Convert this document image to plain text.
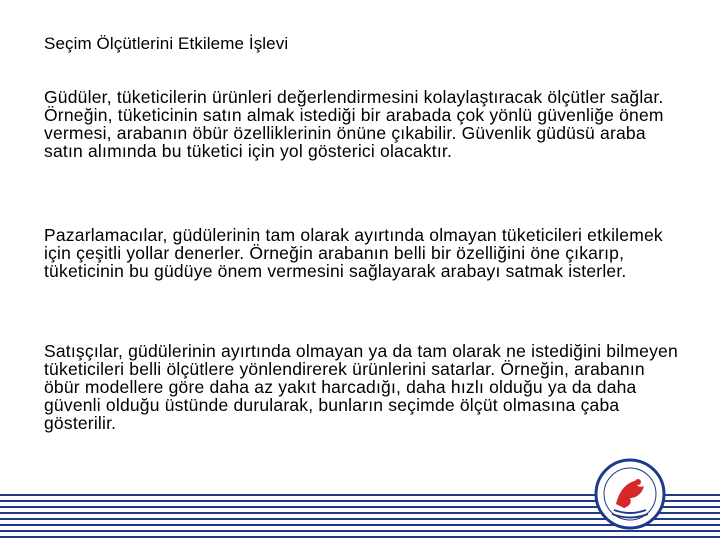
Seçim Ölçütlerini Etkileme İşlevi

Güdüler, tüketicilerin ürünleri değerlendirmesini kolaylaştıracak ölçütler sağlar. Örneğin, tüketicinin satın almak istediği bir arabada çok yönlü güvenliğe önem vermesi, arabanın öbür özelliklerinin önüne çıkabilir. Güvenlik güdüsü araba satın alımında bu tüketici için yol gösterici olacaktır.

Pazarlamacılar, güdülerinin tam olarak ayırtında olmayan tüketicileri etkilemek için çeşitli yollar denerler. Örneğin arabanın belli bir özelliğini öne çıkarıp, tüketicinin bu güdüye önem vermesini sağlayarak arabayı satmak isterler.

Satışçılar, güdülerinin ayırtında olmayan ya da tam olarak ne istediğini bilmeyen tüketicileri belli ölçütlere yönlendirerek ürünlerini satarlar. Örneğin, arabanın öbür modellere göre daha az yakıt harcadığı, daha hızlı olduğu ya da daha güvenli olduğu üstünde durularak, bunların seçimde ölçüt olmasına çaba gösterilir.
